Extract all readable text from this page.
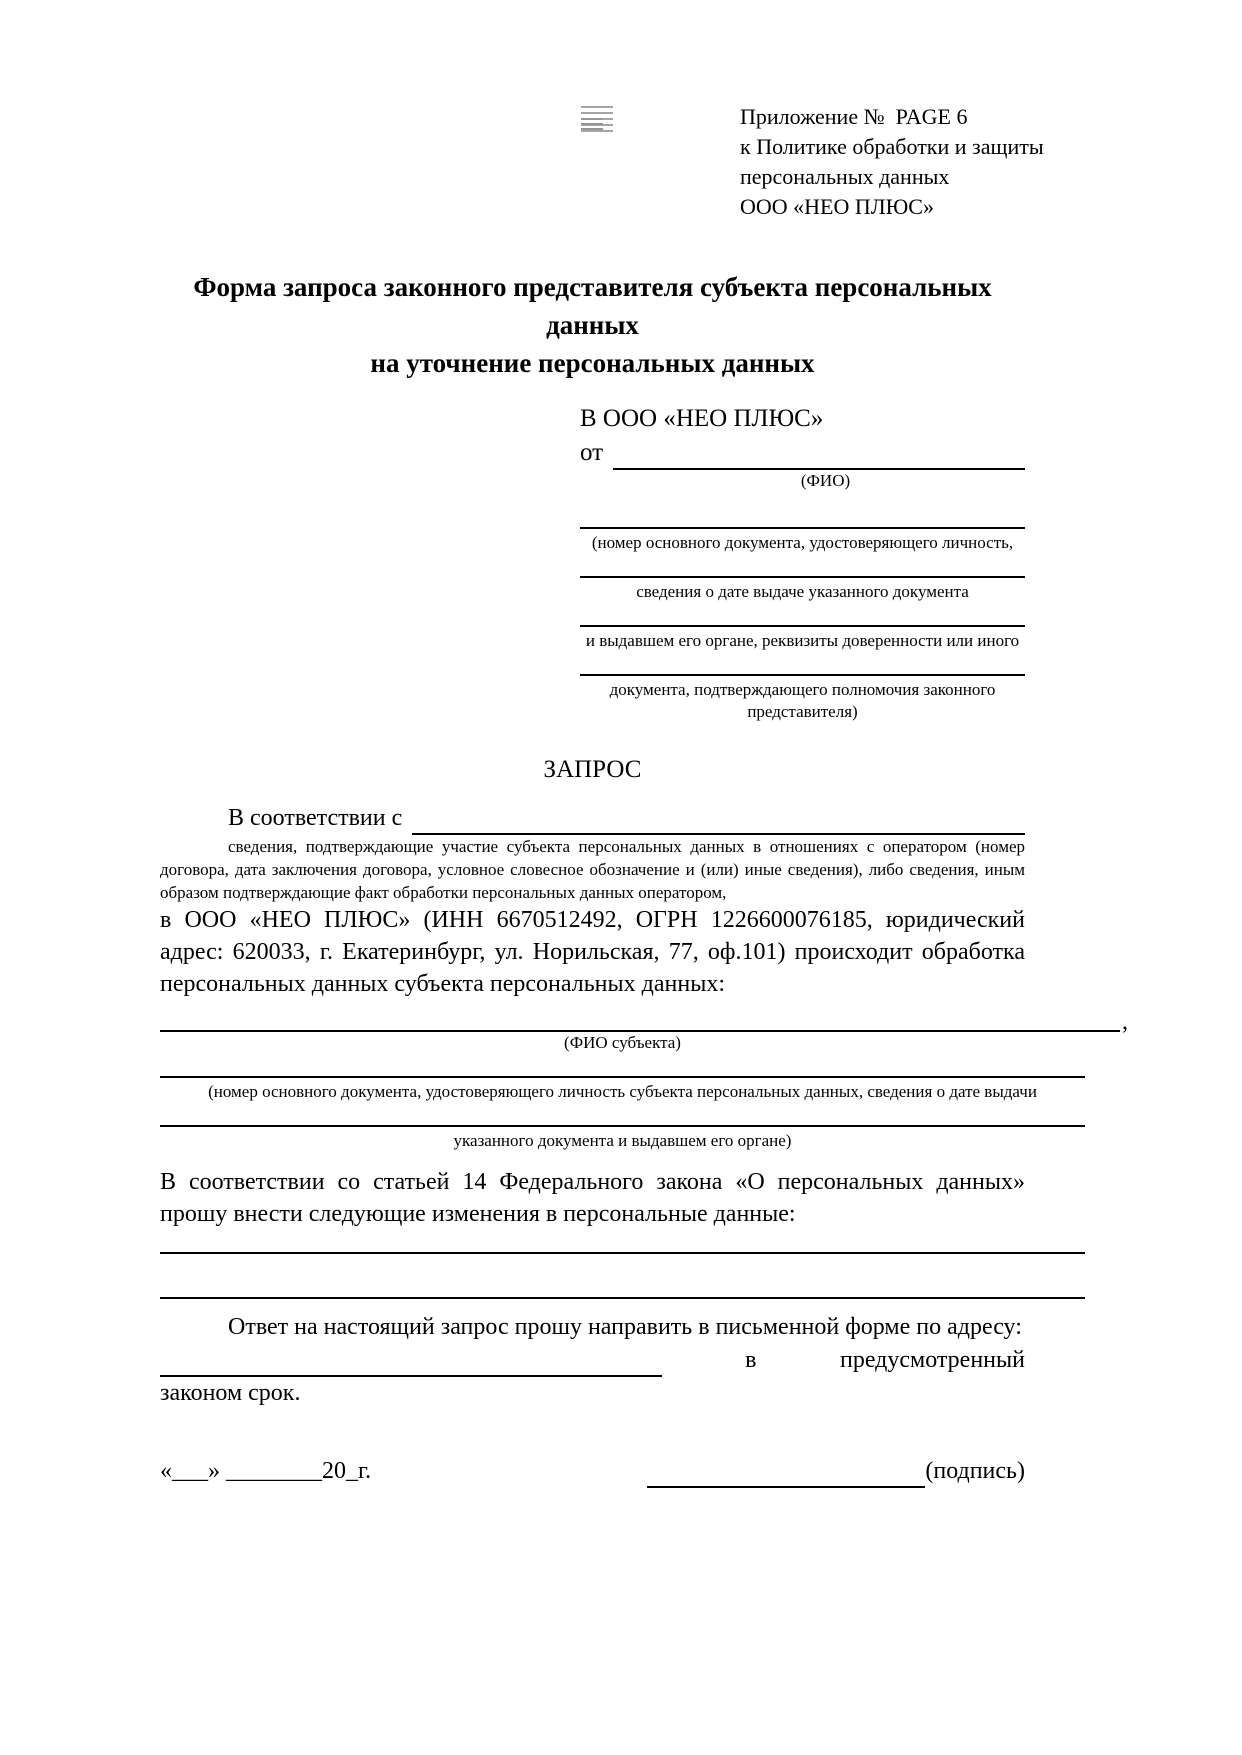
Приложение №  PAGE 6
к Политике обработки и защиты
персональных данных
ООО «НЕО ПЛЮС»
Форма запроса законного представителя субъекта персональных данных
на уточнение персональных данных
В ООО «НЕО ПЛЮС»
от
(ФИО)
(номер основного документа, удостоверяющего личность,
сведения о дате выдаче указанного документа
и выдавшем его органе, реквизиты доверенности или иного
документа, подтверждающего полномочия законного представителя)
ЗАПРОС
В соответствии с
сведения, подтверждающие участие субъекта персональных данных в отношениях с оператором (номер договора, дата заключения договора, условное словесное обозначение и (или) иные сведения), либо сведения, иным образом подтверждающие факт обработки персональных данных оператором,
в ООО «НЕО ПЛЮС» (ИНН 6670512492, ОГРН 1226600076185, юридический адрес: 620033, г. Екатеринбург, ул. Норильская, 77, оф.101) происходит обработка персональных данных субъекта персональных данных:
,
(ФИО субъекта)
(номер основного документа, удостоверяющего личность субъекта персональных данных, сведения о дате выдачи
указанного документа и выдавшем его органе)
В соответствии со статьей 14 Федерального закона «О персональных данных» прошу внести следующие изменения в персональные данные:
Ответ на настоящий запрос прошу направить в письменной форме по адресу:
в	предусмотренный
законом срок.
«___» ________20_г.	(подпись)
